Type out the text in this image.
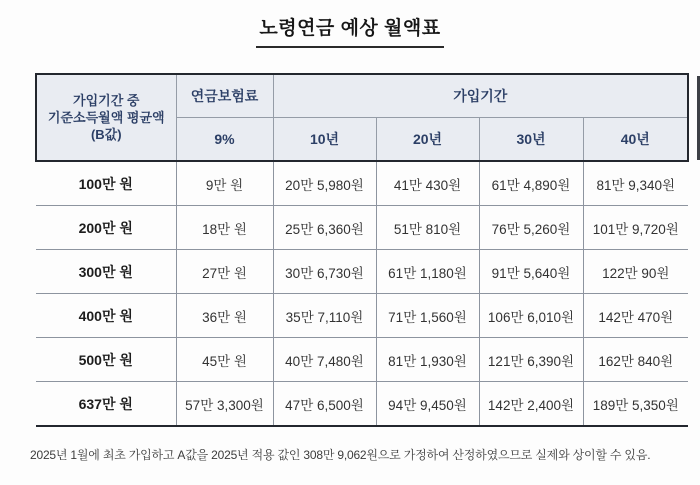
노령연금 예상 월액표
가입기간 중
기준소득월액 평균액
(B값)	연금보험료	가입기간			
	9%	10년	20년	30년	40년
100만 원	9만 원	20만 5,980원	41만 430원	61만 4,890원	81만 9,340원
200만 원	18만 원	25만 6,360원	51만 810원	76만 5,260원	101만 9,720원
300만 원	27만 원	30만 6,730원	61만 1,180원	91만 5,640원	122만 90원
400만 원	36만 원	35만 7,110원	71만 1,560원	106만 6,010원	142만 470원
500만 원	45만 원	40만 7,480원	81만 1,930원	121만 6,390원	162만 840원
637만 원	57만 3,300원	47만 6,500원	94만 9,450원	142만 2,400원	189만 5,350원

2025년 1월에 최초 가입하고 A값을 2025년 적용 값인 308만 9,062원으로 가정하여 산정하였으므로 실제와 상이할 수 있음.
